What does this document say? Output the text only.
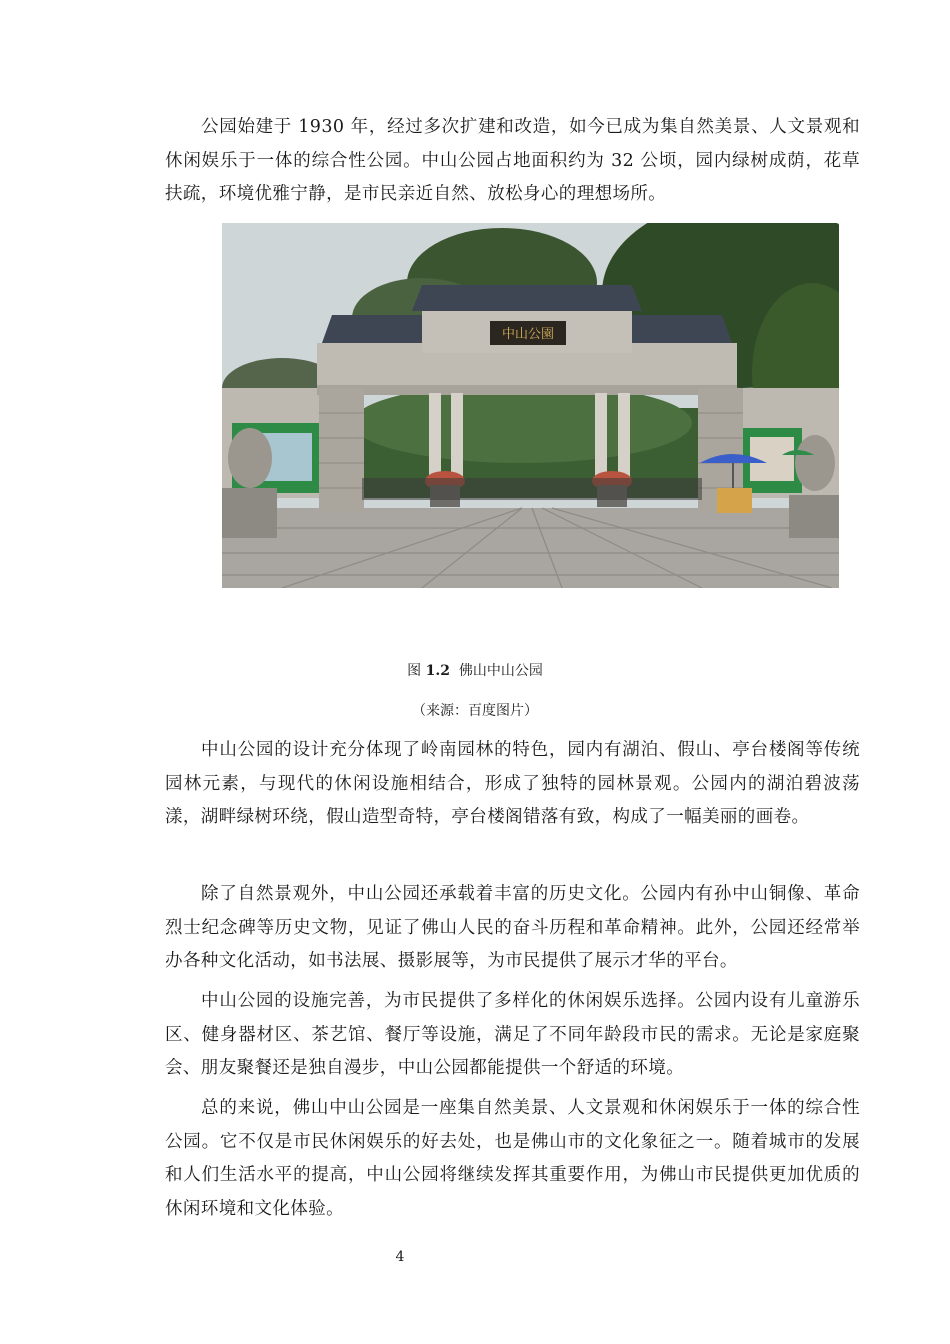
公园始建于 1930 年，经过多次扩建和改造，如今已成为集自然美景、人文景观和休闲娱乐于一体的综合性公园。中山公园占地面积约为 32 公顷，园内绿树成荫，花草扶疏，环境优雅宁静，是市民亲近自然、放松身心的理想场所。

中山公園
图 1.2  佛山中山公园
（来源：百度图片）

中山公园的设计充分体现了岭南园林的特色，园内有湖泊、假山、亭台楼阁等传统园林元素，与现代的休闲设施相结合，形成了独特的园林景观。公园内的湖泊碧波荡漾，湖畔绿树环绕，假山造型奇特，亭台楼阁错落有致，构成了一幅美丽的画卷。

除了自然景观外，中山公园还承载着丰富的历史文化。公园内有孙中山铜像、革命烈士纪念碑等历史文物，见证了佛山人民的奋斗历程和革命精神。此外，公园还经常举办各种文化活动，如书法展、摄影展等，为市民提供了展示才华的平台。

中山公园的设施完善，为市民提供了多样化的休闲娱乐选择。公园内设有儿童游乐区、健身器材区、茶艺馆、餐厅等设施，满足了不同年龄段市民的需求。无论是家庭聚会、朋友聚餐还是独自漫步，中山公园都能提供一个舒适的环境。

总的来说，佛山中山公园是一座集自然美景、人文景观和休闲娱乐于一体的综合性公园。它不仅是市民休闲娱乐的好去处，也是佛山市的文化象征之一。随着城市的发展和人们生活水平的提高，中山公园将继续发挥其重要作用，为佛山市民提供更加优质的休闲环境和文化体验。

4
